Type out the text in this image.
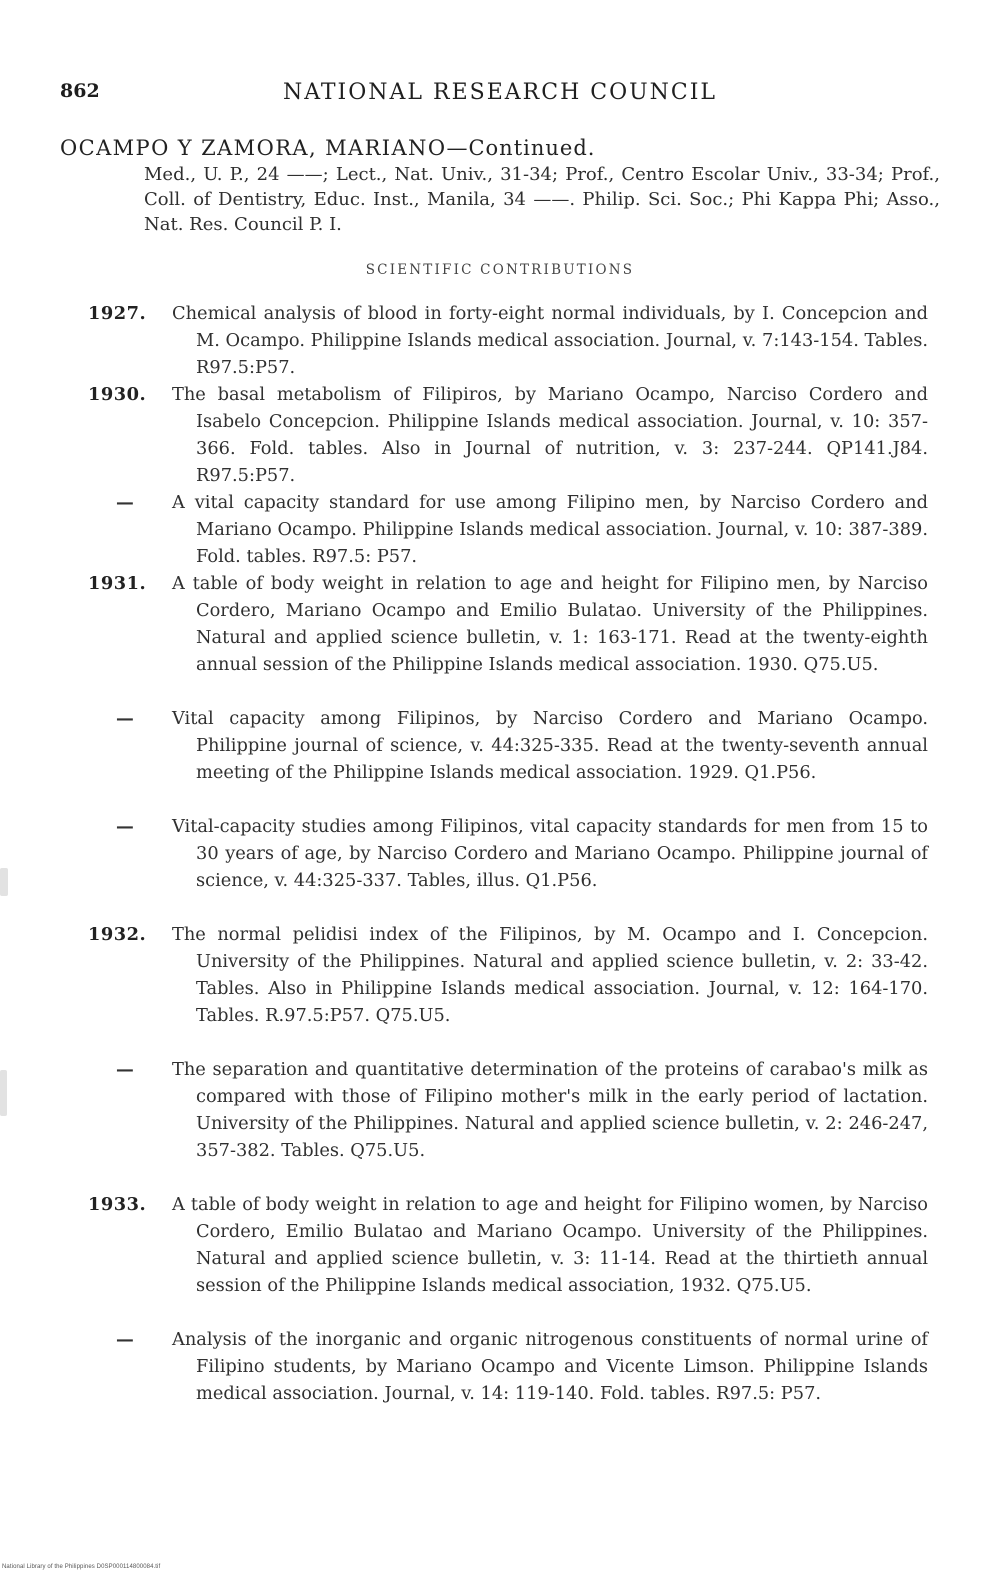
862	NATIONAL RESEARCH COUNCIL
OCAMPO Y ZAMORA, MARIANO—Continued.
Med., U. P., 24 ——; Lect., Nat. Univ., 31-34; Prof., Centro Escolar Univ., 33-34; Prof., Coll. of Dentistry, Educ. Inst., Manila, 34 ——. Philip. Sci. Soc.; Phi Kappa Phi; Asso., Nat. Res. Council P. I.
SCIENTIFIC CONTRIBUTIONS
1927.	Chemical analysis of blood in forty-eight normal individuals, by I. Concepcion and M. Ocampo. Philippine Islands medical association. Journal, v. 7:143-154. Tables. R97.5:P57.
1930.	The basal metabolism of Filipiros, by Mariano Ocampo, Narciso Cordero and Isabelo Concepcion. Philippine Islands medical association. Journal, v. 10: 357-366. Fold. tables. Also in Journal of nutrition, v. 3: 237-244. QP141.J84. R97.5:P57.
— A vital capacity standard for use among Filipino men, by Narciso Cordero and Mariano Ocampo. Philippine Islands medical association. Journal, v. 10: 387-389. Fold. tables. R97.5: P57.
1931.	A table of body weight in relation to age and height for Filipino men, by Narciso Cordero, Mariano Ocampo and Emilio Bulatao. University of the Philippines. Natural and applied science bulletin, v. 1: 163-171. Read at the twenty-eighth annual session of the Philippine Islands medical association. 1930. Q75.U5.
— Vital capacity among Filipinos, by Narciso Cordero and Mariano Ocampo. Philippine journal of science, v. 44:325-335. Read at the twenty-seventh annual meeting of the Philippine Islands medical association. 1929. Q1.P56.
— Vital-capacity studies among Filipinos, vital capacity standards for men from 15 to 30 years of age, by Narciso Cordero and Mariano Ocampo. Philippine journal of science, v. 44:325-337. Tables, illus. Q1.P56.
1932.	The normal pelidisi index of the Filipinos, by M. Ocampo and I. Concepcion. University of the Philippines. Natural and applied science bulletin, v. 2: 33-42. Tables. Also in Philippine Islands medical association. Journal, v. 12: 164-170. Tables. R.97.5:P57. Q75.U5.
— The separation and quantitative determination of the proteins of carabao's milk as compared with those of Filipino mother's milk in the early period of lactation. University of the Philippines. Natural and applied science bulletin, v. 2: 246-247, 357-382. Tables. Q75.U5.
1933.	A table of body weight in relation to age and height for Filipino women, by Narciso Cordero, Emilio Bulatao and Mariano Ocampo. University of the Philippines. Natural and applied science bulletin, v. 3: 11-14. Read at the thirtieth annual session of the Philippine Islands medical association, 1932. Q75.U5.
— Analysis of the inorganic and organic nitrogenous constituents of normal urine of Filipino students, by Mariano Ocampo and Vicente Limson. Philippine Islands medical association. Journal, v. 14: 119-140. Fold. tables. R97.5: P57.
National Library of the Philippines D0SP000114800084.tif
